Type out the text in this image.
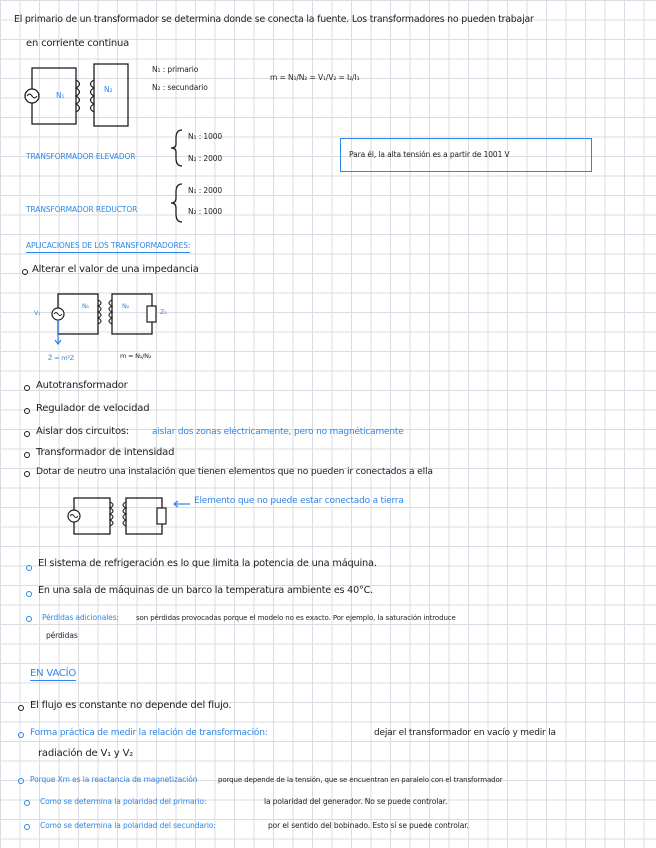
El primario de un transformador se determina donde se conecta la fuente. Los transformadores no pueden trabajar
en corriente continua
N₁
N₂
N₁ : primario
N₂ : secundario
m = N₁/N₂ = V₁/V₂ = I₂/I₁
TRANSFORMADOR ELEVADOR
N₁ : 1000
N₂ : 2000	Para él, la alta tensión es a partir de 1001 V
TRANSFORMADOR REDUCTOR
N₁ : 2000
N₂ : 1000
APLICACIONES DE LOS TRANSFORMADORES:
Alterar el valor de una impedancia
V₁
N₁	N₂
Z₂
Z̄ = m²Z	m = N₁/N₂
Autotransformador
Regulador de velocidad
Aislar dos circuitos:	aislar dos zonas eléctricamente, pero no magnéticamente
Transformador de intensidad
Dotar de neutro una instalación que tienen elementos que no pueden ir conectados a ella
Elemento que no puede estar conectado a tierra
El sistema de refrigeración es lo que limita la potencia de una máquina.
En una sala de máquinas de un barco la temperatura ambiente es 40°C.
Pérdidas adicionales: son pérdidas provocadas porque el modelo no es exacto. Por ejemplo, la saturación introduce
pérdidas
EN VACÍO
El flujo es constante no depende del flujo.
Forma práctica de medir la relación de transformación:	dejar el transformador en vacío y medir la
radiación de V₁ y V₂
Porque Xm es la reactancia de magnetización	porque depende de la tensión, que se encuentran en paralelo con el transformador
Como se determina la polaridad del primario:	la polaridad del generador. No se puede controlar.
Como se determina la polaridad del secundario:	por el sentido del bobinado. Esto sí se puede controlar.
